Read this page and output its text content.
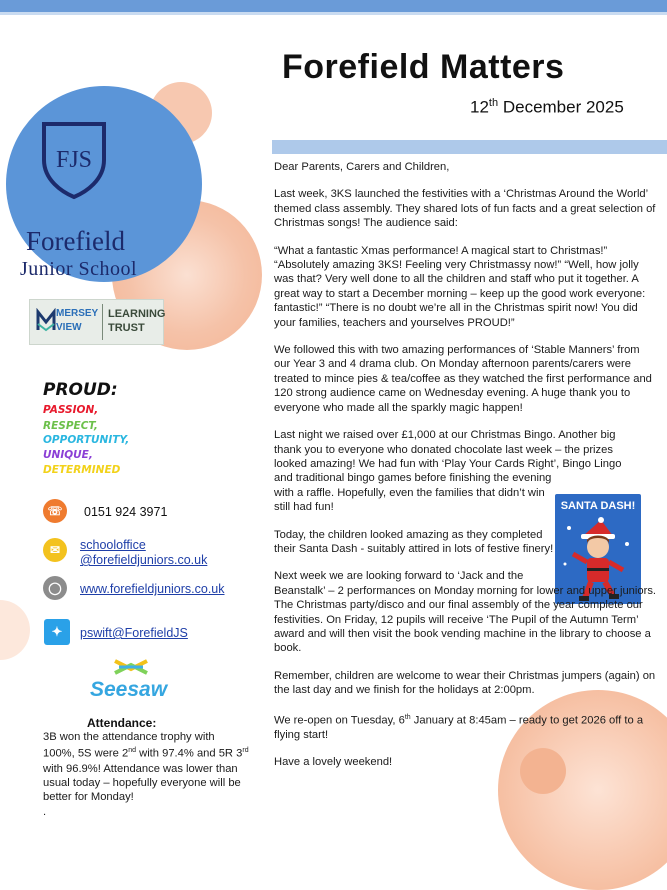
FJS
Forefield
Junior School
MERSEY
VIEW
LEARNING
TRUST
PROUD:
PASSION,
RESPECT,
OPPORTUNITY,
UNIQUE,
DETERMINED
☏	0151 924 3971
✉	schooloffice
@forefieldjuniors.co.uk
◯	www.forefieldjuniors.co.uk
✦	pswift@ForefieldJS
Seesaw
Attendance:
3B won the attendance trophy with
100%, 5S were 2nd with 97.4% and 5R 3rd
with 96.9%! Attendance was lower than
usual today – hopefully everyone will be
better for Monday!
.
Forefield Matters
12th December 2025
SANTA DASH!

Dear Parents, Carers and Children,

Last week, 3KS launched the festivities with a ‘Christmas Around the World’ themed class assembly. They shared lots of fun facts and a great selection of Christmas songs! The audience said:

“What a fantastic Xmas performance! A magical start to Christmas!” “Absolutely amazing 3KS! Feeling very Christmassy now!” “Well, how jolly was that? Very well done to all the children and staff who put it together. A great way to start a December morning – keep up the good work everyone: fantastic!” “There is no doubt we’re all in the Christmas spirit now! You did your families, teachers and yourselves PROUD!”

We followed this with two amazing performances of ‘Stable Manners’ from our Year 3 and 4 drama club. On Monday afternoon parents/carers were treated to mince pies & tea/coffee as they watched the first performance and 120 strong audience came on Wednesday evening. A huge thank you to everyone who made all the sparkly magic happen!

Last night we raised over £1,000 at our Christmas Bingo. Another big
thank you to everyone who donated chocolate last week – the prizes
looked amazing! We had fun with ‘Play Your Cards Right’, Bingo Lingo
and traditional bingo games before finishing the evening
with a raffle. Hopefully, even the families that didn’t win
still had fun!

Today, the children looked amazing as they completed
their Santa Dash - suitably attired in lots of festive finery!

Next week we are looking forward to ‘Jack and the
Beanstalk’ – 2 performances on Monday morning for lower and upper juniors. The Christmas party/disco and our final assembly of the year complete our festivities. On Friday, 12 pupils will receive ‘The Pupil of the Autumn Term’ award and will then visit the book vending machine in the library to choose a book.

Remember, children are welcome to wear their Christmas jumpers (again) on the last day and we finish for the holidays at 2:00pm.

We re-open on Tuesday, 6th January at 8:45am – ready to get 2026 off to a flying start!

Have a lovely weekend!
